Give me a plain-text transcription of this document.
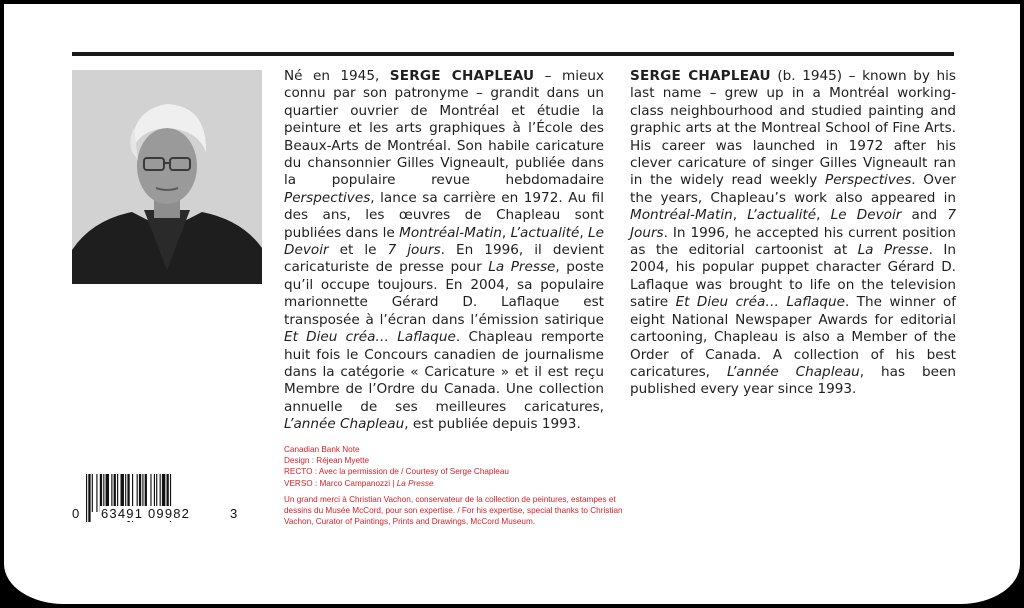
Né en 1945, SERGE CHAPLEAU – mieux connu par son patronyme – grandit dans un quartier ouvrier de Montréal et étudie la peinture et les arts graphiques à l’École des Beaux-Arts de Montréal. Son habile caricature du chansonnier Gilles Vigneault, publiée dans la populaire revue hebdomadaire Perspectives, lance sa carrière en 1972. Au fil des ans, les œuvres de Chapleau sont publiées dans le Montréal-Matin, L’actualité, Le Devoir et le 7 jours. En 1996, il devient caricaturiste de presse pour La Presse, poste qu’il occupe toujours. En 2004, sa populaire marionnette Gérard D. Laflaque est transposée à l’écran dans l’émission satirique Et Dieu créa… Laflaque. Chapleau remporte huit fois le Concours canadien de journalisme dans la catégorie « Caricature » et il est reçu Membre de l’Ordre du Canada. Une collection annuelle de ses meilleures caricatures, L’année Chapleau, est publiée depuis 1993.
SERGE CHAPLEAU (b. 1945) – known by his last name – grew up in a Montréal working-class neighbourhood and studied painting and graphic arts at the Montreal School of Fine Arts. His career was launched in 1972 after his clever caricature of singer Gilles Vigneault ran in the widely read weekly Perspectives. Over the years, Chapleau’s work also appeared in Montréal-Matin, L’actualité, Le Devoir and 7 Jours. In 1996, he accepted his current position as the editorial cartoonist at La Presse. In 2004, his popular puppet character Gérard D. Laflaque was brought to life on the television satire Et Dieu créa… Laflaque. The winner of eight National Newspaper Awards for editorial cartooning, Chapleau is also a Member of the Order of Canada. A collection of his best caricatures, L’année Chapleau, has been published every year since 1993.

Canadian Bank Note

Design : Réjean Myette

RECTO : Avec la permission de / Courtesy of Serge Chapleau

VERSO : Marco Campanozzi | La Presse

Un grand merci à Christian Vachon, conservateur de la collection de peintures, estampes et dessins du Musée McCord, pour son expertise. / For his expertise, special thanks to Christian Vachon, Curator of Paintings, Prints and Drawings, McCord Museum.

0 63491 09982	3
